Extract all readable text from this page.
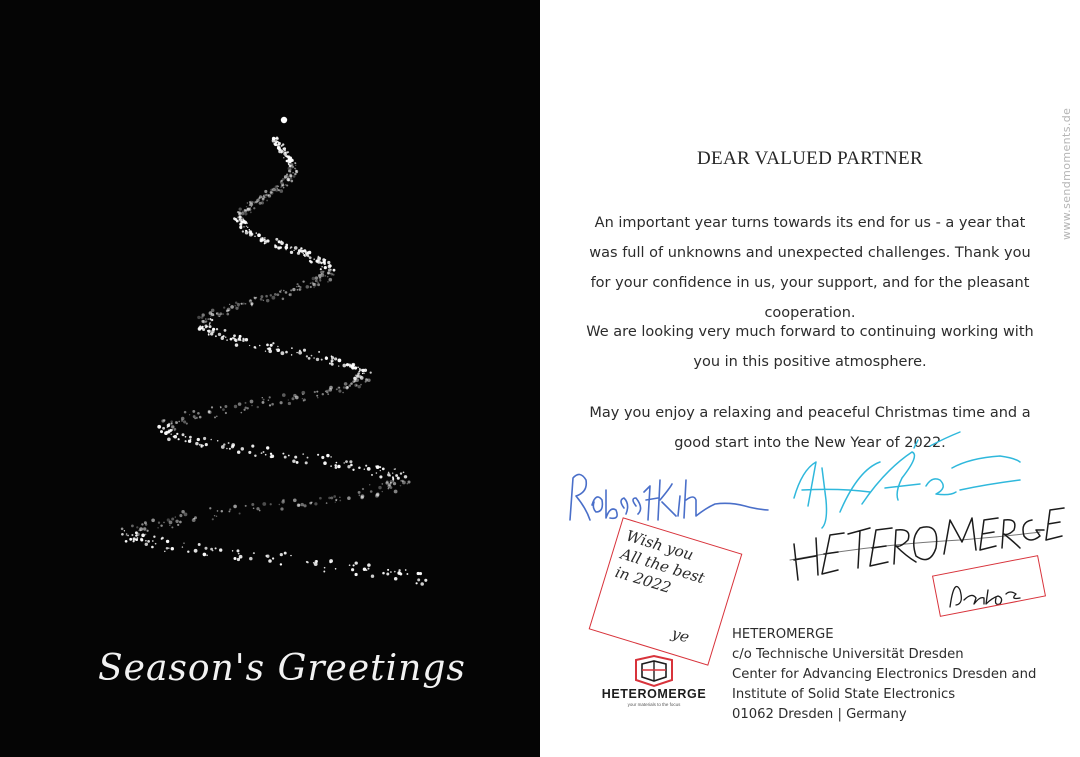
Season's Greetings
DEAR VALUED PARTNER
An important year turns towards its end for us - a year that was full of unknowns and unexpected challenges. Thank you for your confidence in us, your support, and for the pleasant cooperation.
We are looking very much forward to continuing working with you in this positive atmosphere.
May you enjoy a relaxing and peaceful Christmas time and a good start into the New Year of 2022.
www.sendmoments.de
Wish you
All the best
in 2022
ye
HETEROMERGE
your materials to the focus
HETEROMERGE
c/o Technische Universität Dresden
Center for Advancing Electronics Dresden and
Institute of Solid State Electronics
01062 Dresden | Germany
